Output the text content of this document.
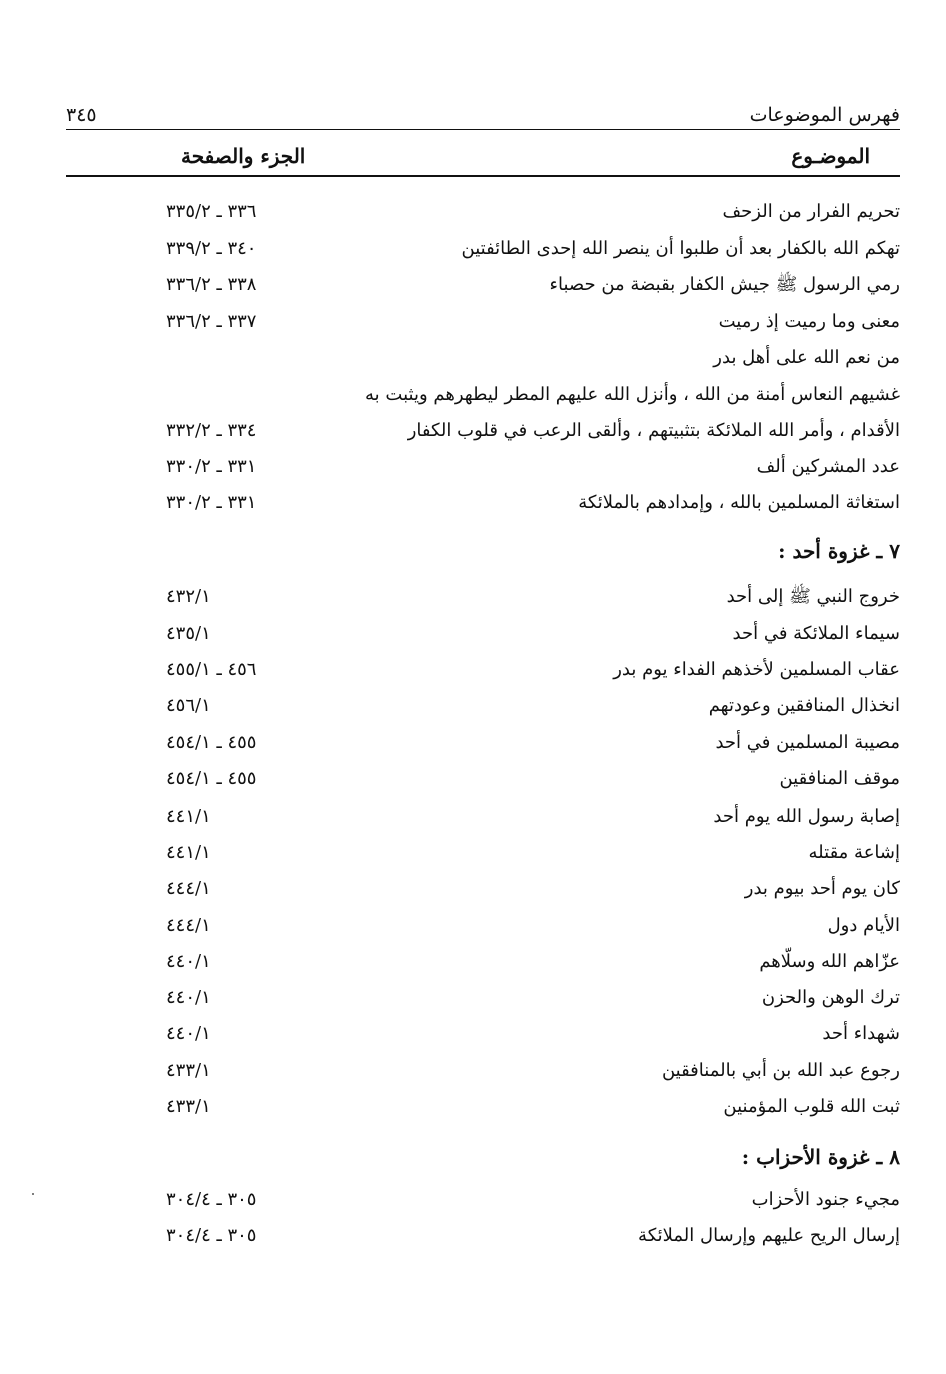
فهرس الموضوعات
٣٤٥
الموضـوع
الجزء والصفحة
تحريم الفرار من الزحف
٣٣٦ ـ ٣٣٥/٢
تهكم الله بالكفار بعد أن طلبوا أن ينصر الله إحدى الطائفتين
٣٤٠ ـ ٣٣٩/٢
رمي الرسول ﷺ جيش الكفار بقبضة من حصباء
٣٣٨ ـ ٣٣٦/٢
معنى وما رميت إذ رميت
٣٣٧ ـ ٣٣٦/٢
من نعم الله على أهل بدر
غشيهم النعاس أمنة من الله ، وأنزل الله عليهم المطر ليطهرهم ويثبت به
الأقدام ، وأمر الله الملائكة بتثبيتهم ، وألقى الرعب في قلوب الكفار
٣٣٤ ـ ٣٣٢/٢
عدد المشركين ألف
٣٣١ ـ ٣٣٠/٢
استغاثة المسلمين بالله ، وإمدادهم بالملائكة
٣٣١ ـ ٣٣٠/٢
٧ ـ غزوة أحد :
خروج النبي ﷺ إلى أحد
٤٣٢/١
سيماء الملائكة في أحد
٤٣٥/١
عقاب المسلمين لأخذهم الفداء يوم بدر
٤٥٦ ـ ٤٥٥/١
انخذال المنافقين وعودتهم
٤٥٦/١
مصيبة المسلمين في أحد
٤٥٥ ـ ٤٥٤/١
موقف المنافقين
٤٥٥ ـ ٤٥٤/١
إصابة رسول الله يوم أحد
٤٤١/١
إشاعة مقتله
٤٤١/١
كان يوم أحد بيوم بدر
٤٤٤/١
الأيام دول
٤٤٤/١
عزّاهم الله وسلّاهم
٤٤٠/١
ترك الوهن والحزن
٤٤٠/١
شهداء أحد
٤٤٠/١
رجوع عبد الله بن أبي بالمنافقين
٤٣٣/١
ثبت الله قلوب المؤمنين
٤٣٣/١
٨ ـ غزوة الأحزاب :
مجيء جنود الأحزاب
٣٠٥ ـ ٣٠٤/٤
إرسال الريح عليهم وإرسال الملائكة
٣٠٥ ـ ٣٠٤/٤
